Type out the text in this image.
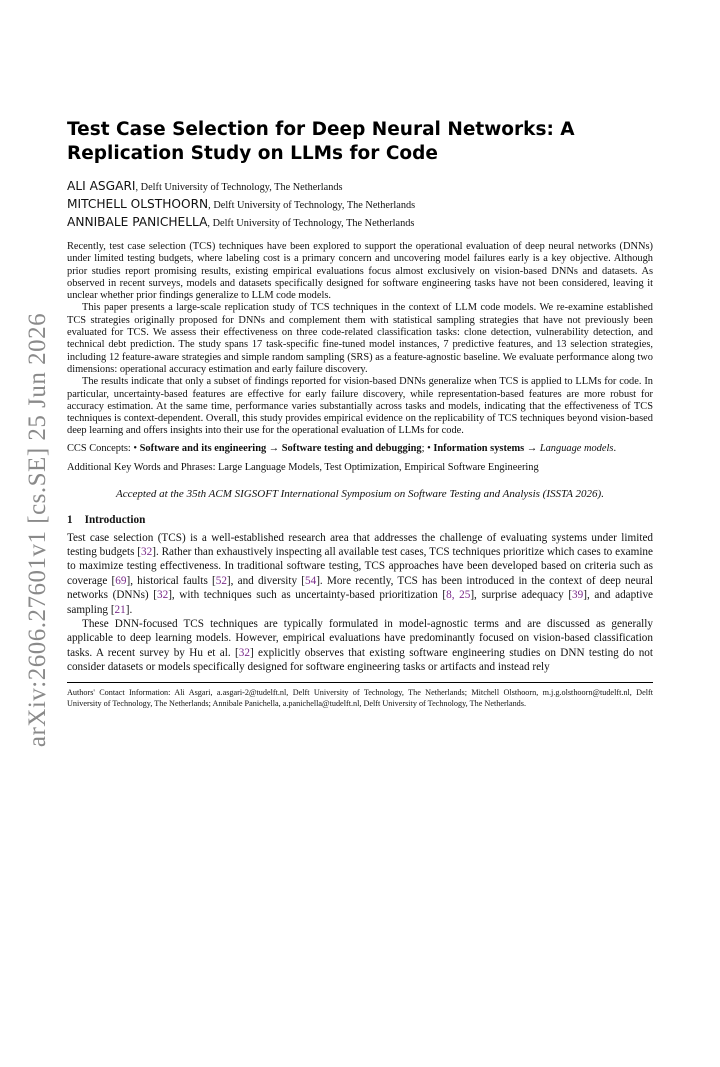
arXiv:2606.27601v1 [cs.SE] 25 Jun 2026
Test Case Selection for Deep Neural Networks: A Replication Study on LLMs for Code
ALI ASGARI, Delft University of Technology, The Netherlands
MITCHELL OLSTHOORN, Delft University of Technology, The Netherlands
ANNIBALE PANICHELLA, Delft University of Technology, The Netherlands

Recently, test case selection (TCS) techniques have been explored to support the operational evaluation of deep neural networks (DNNs) under limited testing budgets, where labeling cost is a primary concern and uncovering model failures early is a key objective. Although prior studies report promising results, existing empirical evaluations focus almost exclusively on vision-based DNNs and datasets. As observed in recent surveys, models and datasets specifically designed for software engineering tasks have not been considered, leaving it unclear whether prior findings generalize to LLM code models.

This paper presents a large-scale replication study of TCS techniques in the context of LLM code models. We re-examine established TCS strategies originally proposed for DNNs and complement them with statistical sampling strategies that have not previously been evaluated for TCS. We assess their effectiveness on three code-related classification tasks: clone detection, vulnerability detection, and technical debt prediction. The study spans 17 task-specific fine-tuned model instances, 7 predictive features, and 13 selection strategies, including 12 feature-aware strategies and simple random sampling (SRS) as a feature-agnostic baseline. We evaluate performance along two dimensions: operational accuracy estimation and early failure discovery.

The results indicate that only a subset of findings reported for vision-based DNNs generalize when TCS is applied to LLMs for code. In particular, uncertainty-based features are effective for early failure discovery, while representation-based features are more robust for accuracy estimation. At the same time, performance varies substantially across tasks and models, indicating that the effectiveness of TCS techniques is context-dependent. Overall, this study provides empirical evidence on the replicability of TCS techniques beyond vision-based deep learning and offers insights into their use for the operational evaluation of LLMs for code.

CCS Concepts: • Software and its engineering → Software testing and debugging; • Information systems → Language models.
Additional Key Words and Phrases: Large Language Models, Test Optimization, Empirical Software Engineering
Accepted at the 35th ACM SIGSOFT International Symposium on Software Testing and Analysis (ISSTA 2026).
1 Introduction

Test case selection (TCS) is a well-established research area that addresses the challenge of evaluating systems under limited testing budgets [32]. Rather than exhaustively inspecting all available test cases, TCS techniques prioritize which cases to examine to maximize testing effectiveness. In traditional software testing, TCS approaches have been developed based on criteria such as coverage [69], historical faults [52], and diversity [54]. More recently, TCS has been introduced in the context of deep neural networks (DNNs) [32], with techniques such as uncertainty-based prioritization [8, 25], surprise adequacy [39], and adaptive sampling [21].

These DNN-focused TCS techniques are typically formulated in model-agnostic terms and are discussed as generally applicable to deep learning models. However, empirical evaluations have predominantly focused on vision-based classification tasks. A recent survey by Hu et al. [32] explicitly observes that existing software engineering studies on DNN testing do not consider datasets or models specifically designed for software engineering tasks or artifacts and instead rely

Authors' Contact Information: Ali Asgari, a.asgari-2@tudelft.nl, Delft University of Technology, The Netherlands; Mitchell Olsthoorn, m.j.g.olsthoorn@tudelft.nl, Delft University of Technology, The Netherlands; Annibale Panichella, a.panichella@tudelft.nl, Delft University of Technology, The Netherlands.
